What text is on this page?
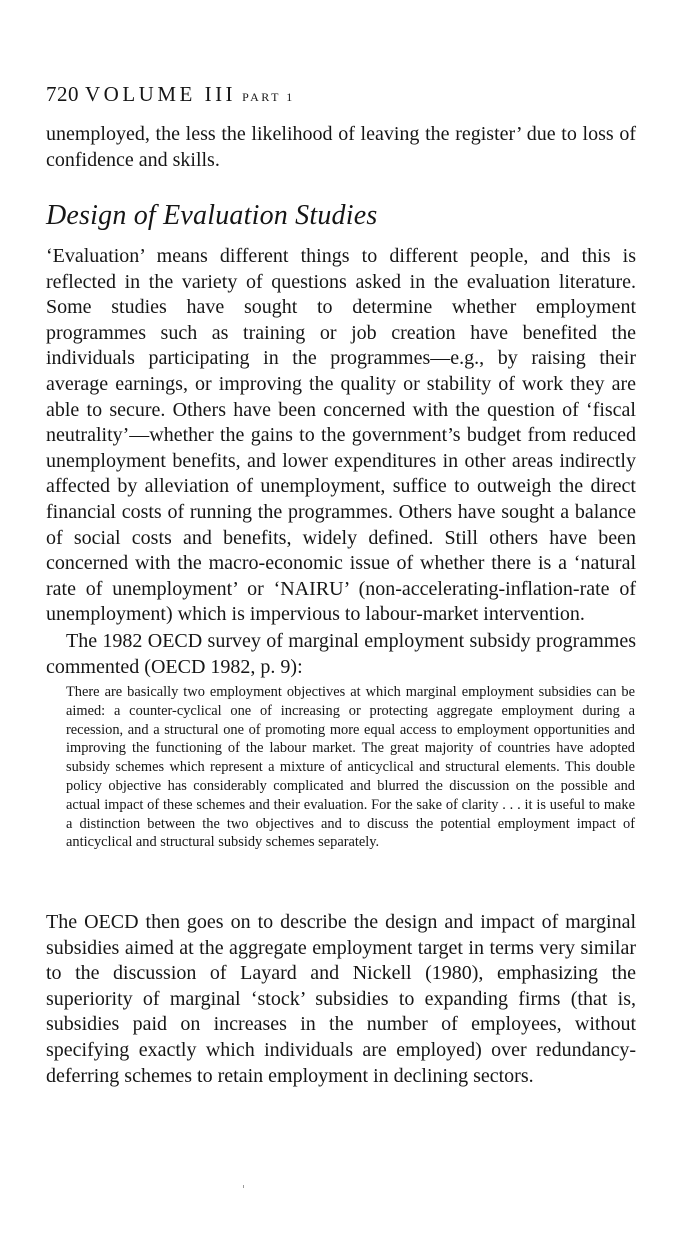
720 VOLUME III PART 1

unemployed, the less the likelihood of leaving the register’ due to loss of confidence and skills.

Design of Evaluation Studies

‘Evaluation’ means different things to different people, and this is reflected in the variety of questions asked in the evaluation literature. Some studies have sought to determine whether employment programmes such as training or job creation have benefited the individuals participating in the programmes—e.g., by raising their average earnings, or improving the quality or stability of work they are able to secure. Others have been concerned with the question of ‘fiscal neutrality’—whether the gains to the government’s budget from reduced unemployment benefits, and lower expenditures in other areas indirectly affected by alleviation of unemployment, suffice to outweigh the direct financial costs of running the programmes. Others have sought a balance of social costs and benefits, widely defined. Still others have been concerned with the macro-economic issue of whether there is a ‘natural rate of unemployment’ or ‘NAIRU’ (non-accelerating-inflation-rate of unemployment) which is impervious to labour-market intervention.

The 1982 OECD survey of marginal employment subsidy programmes commented (OECD 1982, p. 9):

There are basically two employment objectives at which marginal employment subsidies can be aimed: a counter-cyclical one of increasing or protecting aggregate employment during a recession, and a structural one of promoting more equal access to employment opportunities and improving the functioning of the labour market. The great majority of countries have adopted subsidy schemes which represent a mixture of anticyclical and structural elements. This double policy objective has considerably complicated and blurred the discussion on the possible and actual impact of these schemes and their evaluation. For the sake of clarity . . . it is useful to make a distinction between the two objectives and to discuss the potential employment impact of anticyclical and structural subsidy schemes separately.

The OECD then goes on to describe the design and impact of marginal subsidies aimed at the aggregate employment target in terms very similar to the discussion of Layard and Nickell (1980), emphasizing the superiority of marginal ‘stock’ subsidies to expanding firms (that is, subsidies paid on increases in the number of employees, without specifying exactly which individuals are employed) over redundancy-deferring schemes to retain employment in declining sectors.
